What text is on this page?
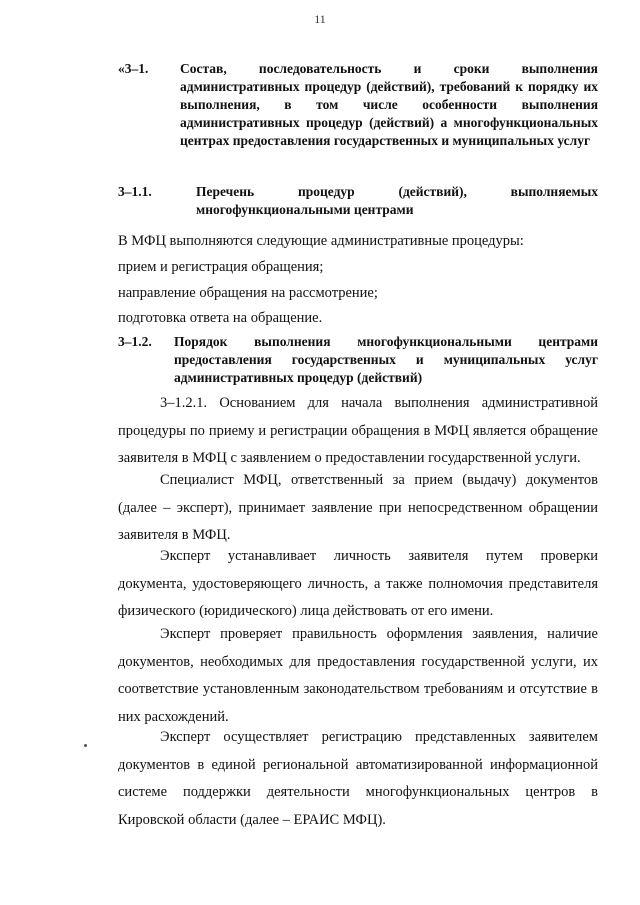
11
«3–1. Состав, последовательность и сроки выполнения административных процедур (действий), требований к порядку их выполнения, в том числе особенности выполнения административных процедур (действий) а многофункциональных центрах предоставления государственных и муниципальных услуг
3–1.1.	Перечень процедур (действий), выполняемых многофункциональными центрами
В МФЦ выполняются следующие административные процедуры:
прием и регистрация обращения;
направление обращения на рассмотрение;
подготовка ответа на обращение.
3–1.2. Порядок выполнения многофункциональными центрами предоставления государственных и муниципальных услуг административных процедур (действий)
3–1.2.1. Основанием для начала выполнения административной процедуры по приему и регистрации обращения в МФЦ является обращение заявителя в МФЦ с заявлением о предоставлении государственной услуги.
Специалист МФЦ, ответственный за прием (выдачу) документов (далее – эксперт), принимает заявление при непосредственном обращении заявителя в МФЦ.
Эксперт устанавливает личность заявителя путем проверки документа, удостоверяющего личность, а также полномочия представителя физического (юридического) лица действовать от его имени.
Эксперт проверяет правильность оформления заявления, наличие документов, необходимых для предоставления государственной услуги, их соответствие установленным законодательством требованиям и отсутствие в них расхождений.
Эксперт осуществляет регистрацию представленных заявителем документов в единой региональной автоматизированной информационной системе поддержки деятельности многофункциональных центров в Кировской области (далее – ЕРАИС МФЦ).
